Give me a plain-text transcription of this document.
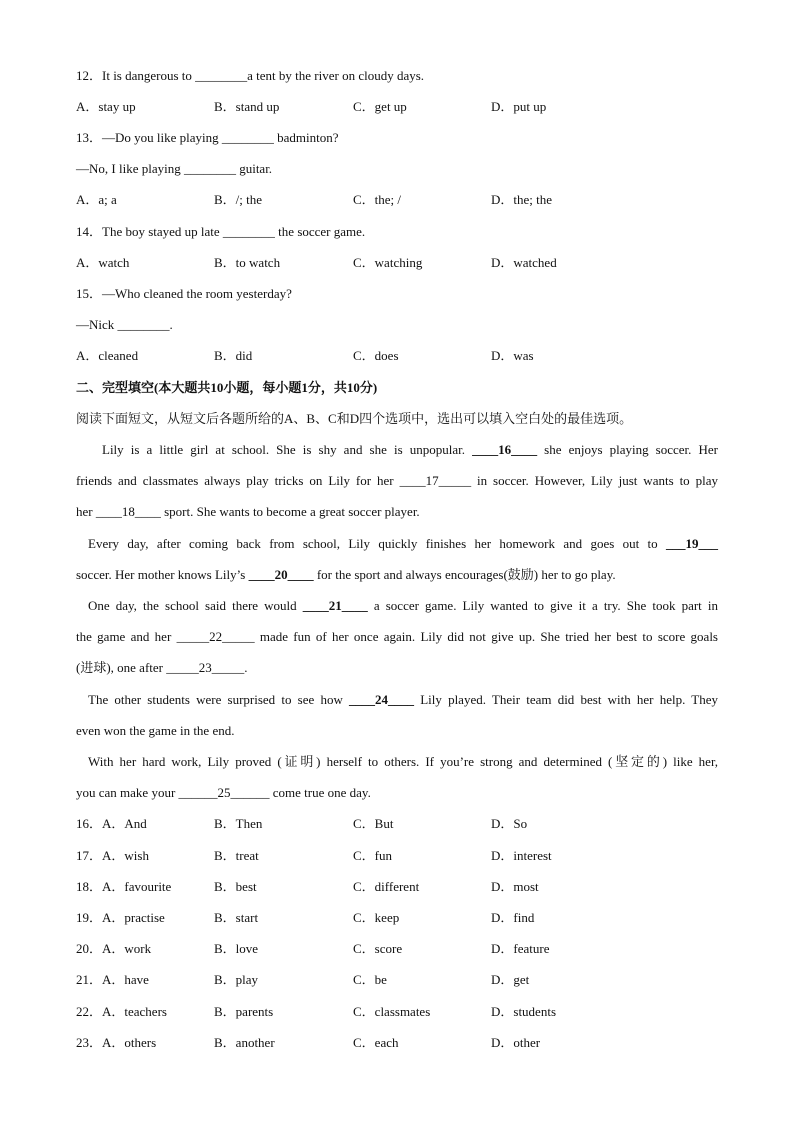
12．It is dangerous to ________a tent by the river on cloudy days.
A．stay up	B．stand up	C．get up	D．put up
13．—Do you like playing ________ badminton?
—No, I like playing ________ guitar.
A．a; a	B．/; the	C．the; /	D．the; the
14．The boy stayed up late ________ the soccer game.
A．watch	B．to watch	C．watching	D．watched
15．—Who cleaned the room yesterday?
—Nick ________.
A．cleaned	B．did	C．does	D．was
二、完型填空(本大题共10小题，每小题1分，共10分)
阅读下面短文，从短文后各题所给的A、B、C和D四个选项中，选出可以填入空白处的最佳选项。
Lily is a little girl at school. She is shy and she is unpopular. ____16____ she enjoys playing soccer. Her
friends and classmates always play tricks on Lily for her ____17_____ in soccer. However, Lily just wants to play
her ____18____ sport. She wants to become a great soccer player.
Every day, after coming back from school, Lily quickly finishes her homework and goes out to ___19___
soccer. Her mother knows Lily’s ____20____ for the sport and always encourages(鼓励) her to go play.
One day, the school said there would ____21____ a soccer game. Lily wanted to give it a try. She took part in
the game and her _____22_____ made fun of her once again. Lily did not give up. She tried her best to score goals
(进球), one after _____23_____.
The other students were surprised to see how ____24____ Lily played. Their team did best with her help. They
even won the game in the end.
With her hard work, Lily proved (证明) herself to others. If you’re strong and determined (坚定的) like her,
you can make your ______25______ come true one day.
16．A．And	B．Then	C．But	D．So
17．A．wish	B．treat	C．fun	D．interest
18．A．favourite	B．best	C．different	D．most
19．A．practise	B．start	C．keep	D．find
20．A．work	B．love	C．score	D．feature
21．A．have	B．play	C．be	D．get
22．A．teachers	B．parents	C．classmates	D．students
23．A．others	B．another	C．each	D．other
